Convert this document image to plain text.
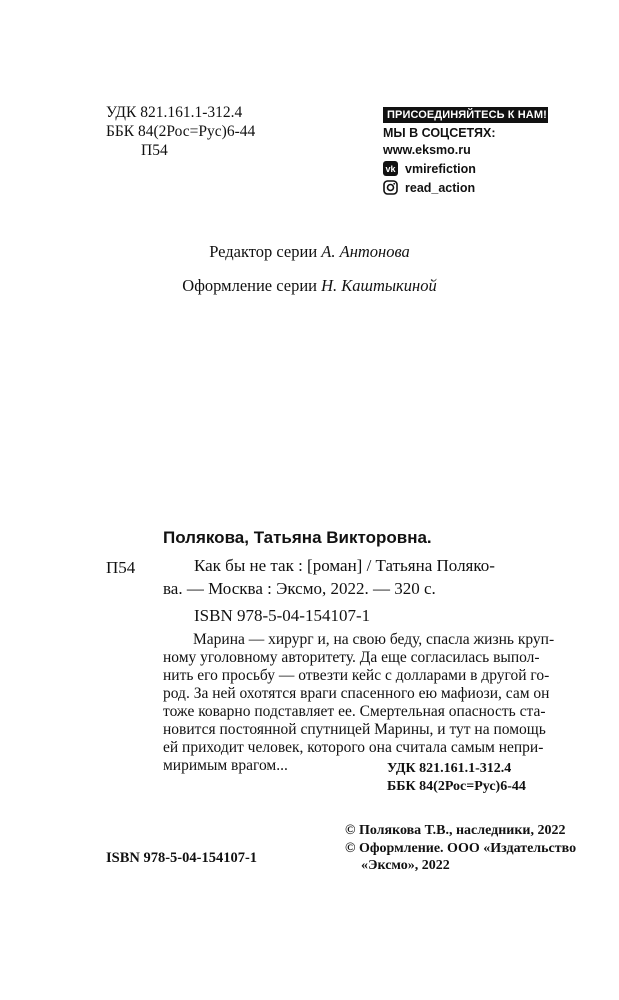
УДК 821.161.1-312.4
ББК 84(2Рос=Рус)6-44
П54
ПРИСОЕДИНЯЙТЕСЬ К НАМ!
МЫ В СОЦСЕТЯХ:
www.eksmo.ru
vk vmirefiction
read_action
Редактор серии А. Антонова
Оформление серии Н. Каштыкиной
Полякова, Татьяна Викторовна.
П54	Как бы не так : [роман] / Татьяна Поляко-
ва. — Москва : Эксмо, 2022. — 320 с.
ISBN 978-5-04-154107-1
Марина — хирург и, на свою беду, спасла жизнь круп-
ному уголовному авторитету. Да еще согласилась выпол-
нить его просьбу — отвезти кейс с долларами в другой го-
род. За ней охотятся враги спасенного ею мафиози, сам он
тоже коварно подставляет ее. Смертельная опасность ста-
новится постоянной спутницей Марины, и тут на помощь
ей приходит человек, которого она считала самым непри-
миримым врагом...	УДК 821.161.1-312.4
ББК 84(2Рос=Рус)6-44
© Полякова Т.В., наследники, 2022
© Оформление. ООО «Издательство
«Эксмо», 2022
ISBN 978-5-04-154107-1
